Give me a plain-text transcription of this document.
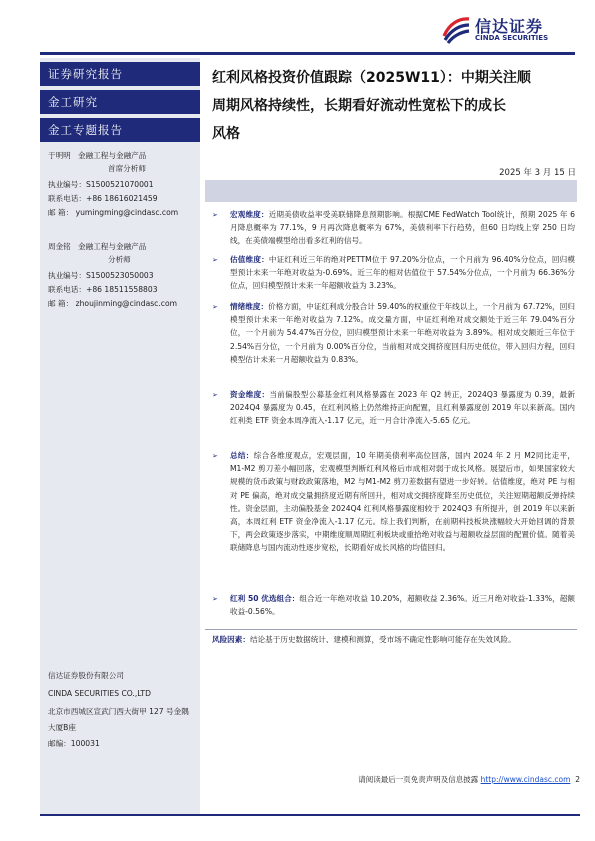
信达证券
CINDA SECURITIES
证券研究报告
金工研究
金工专题报告
于明明 金融工程与金融产品
首席分析师
执业编号：S1500521070001
联系电话：+86 18616021459
邮 箱： yumingming@cindasc.com
周金铭 金融工程与金融产品
分析师
执业编号：S1500523050003
联系电话：+86 18511558803
邮 箱： zhoujinming@cindasc.com
信达证券股份有限公司
CINDA SECURITIES CO.,LTD
北京市西城区宣武门西大街甲 127 号金隅
大厦B座
邮编：100031
红利风格投资价值跟踪（2025W11）：中期关注顺
周期风格持续性，长期看好流动性宽松下的成长
风格
2025 年 3 月 15 日
➢ 宏观维度：近期美债收益率受美联储降息预期影响。根据CME FedWatch Tool统计，预期 2025 年 6 月降息概率为 77.1%，9 月再次降息概率为 67%，美债利率下行趋势，但60 日均线上穿 250 日均线，在美债端模型给出看多红利的信号。
➢ 估值维度：中证红利近三年的绝对PETTM位于 97.20%分位点，一个月前为 96.40%分位点，回归模型预计未来一年绝对收益为-0.69%。近三年的相对估值位于 57.54%分位点，一个月前为 66.36%分位点，回归模型预计未来一年超额收益为 3.23%。
➢ 情绪维度：价格方面，中证红利成分股合计 59.40%的权重位于年线以上，一个月前为 67.72%，回归模型预计未来一年绝对收益为 7.12%。成交量方面，中证红利绝对成交额处于近三年 79.04%百分位，一个月前为 54.47%百分位，回归模型预计未来一年绝对收益为 3.89%。相对成交额近三年位于 2.54%百分位，一个月前为 0.00%百分位，当前相对成交拥挤度回归历史低位，带入回归方程，回归模型估计未来一月超额收益为 0.83%。
➢ 资金维度：当前偏股型公募基金红利风格暴露在 2023 年 Q2 转正，2024Q3 暴露度为 0.39，最新 2024Q4 暴露度为 0.45，在红利风格上仍然维持正向配置，且红利暴露度创 2019 年以来新高。国内红利类 ETF 资金本周净流入-1.17 亿元，近一月合计净流入-5.65 亿元。
➢ 总结：综合各维度观点，宏观层面，10 年期美债利率高位回落，国内 2024 年 2 月 M2同比走平，M1-M2 剪刀差小幅回落，宏观模型判断红利风格后市成相对弱于成长风格。展望后市，如果国家较大规模的货币政策与财政政策落地，M2 与M1-M2 剪刀差数据有望进一步好转。估值维度，绝对 PE 与相对 PE 偏高，绝对成交量拥挤度近期有所回升，相对成交拥挤度降至历史低位，关注短期超额反弹持续性。资金层面，主动偏股基金 2024Q4 红利风格暴露度相较于 2024Q3 有所提升，创 2019 年以来新高，本周红利 ETF 资金净流入-1.17 亿元。综上我们判断，在前期科技板块涨幅较大开始回调的背景下，两会政策逐步落实，中期维度顺周期红利板块或重拾绝对收益与超额收益层面的配置价值。随着美联储降息与国内流动性逐步宽松，长期看好成长风格的均值回归。
➢ 红利 50 优选组合：组合近一年绝对收益 10.20%，超额收益 2.36%。近三月绝对收益-1.33%，超额收益-0.56%。
风险因素：结论基于历史数据统计、建模和测算，受市场不确定性影响可能存在失效风险。
请阅读最后一页免责声明及信息披露 http://www.cindasc.com 2
